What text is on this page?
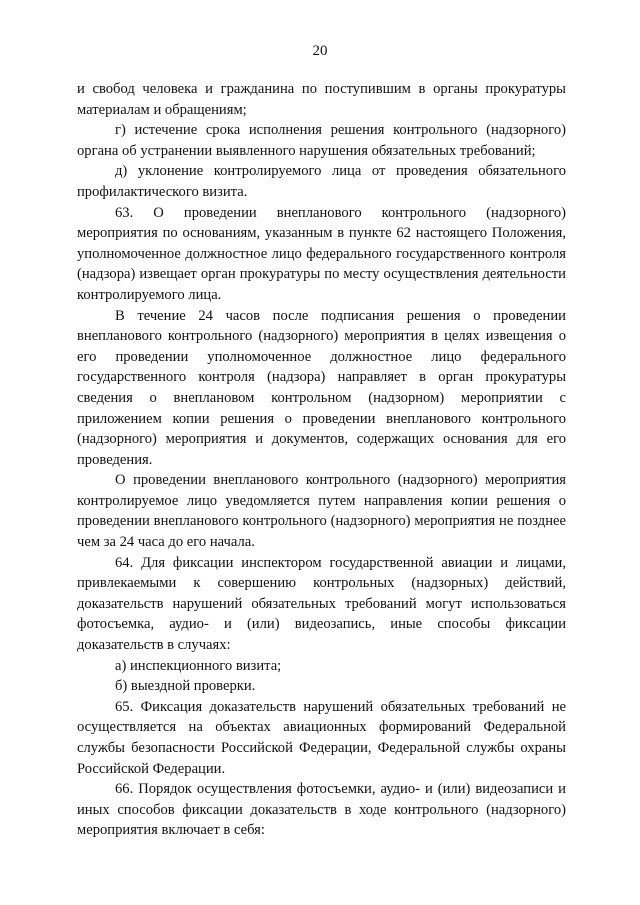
20

и свобод человека и гражданина по поступившим в органы прокуратуры материалам и обращениям;

г) истечение срока исполнения решения контрольного (надзорного) органа об устранении выявленного нарушения обязательных требований;

д) уклонение контролируемого лица от проведения обязательного профилактического визита.

63. О проведении внепланового контрольного (надзорного) мероприятия по основаниям, указанным в пункте 62 настоящего Положения, уполномоченное должностное лицо федерального государственного контроля (надзора) извещает орган прокуратуры по месту осуществления деятельности контролируемого лица.

В течение 24 часов после подписания решения о проведении внепланового контрольного (надзорного) мероприятия в целях извещения о его проведении уполномоченное должностное лицо федерального государственного контроля (надзора) направляет в орган прокуратуры сведения о внеплановом контрольном (надзорном) мероприятии с приложением копии решения о проведении внепланового контрольного (надзорного) мероприятия и документов, содержащих основания для его проведения.

О проведении внепланового контрольного (надзорного) мероприятия контролируемое лицо уведомляется путем направления копии решения о проведении внепланового контрольного (надзорного) мероприятия не позднее чем за 24 часа до его начала.

64. Для фиксации инспектором государственной авиации и лицами, привлекаемыми к совершению контрольных (надзорных) действий, доказательств нарушений обязательных требований могут использоваться фотосъемка, аудио- и (или) видеозапись, иные способы фиксации доказательств в случаях:

а) инспекционного визита;

б) выездной проверки.

65. Фиксация доказательств нарушений обязательных требований не осуществляется на объектах авиационных формирований Федеральной службы безопасности Российской Федерации, Федеральной службы охраны Российской Федерации.

66. Порядок осуществления фотосъемки, аудио- и (или) видеозаписи и иных способов фиксации доказательств в ходе контрольного (надзорного) мероприятия включает в себя:
